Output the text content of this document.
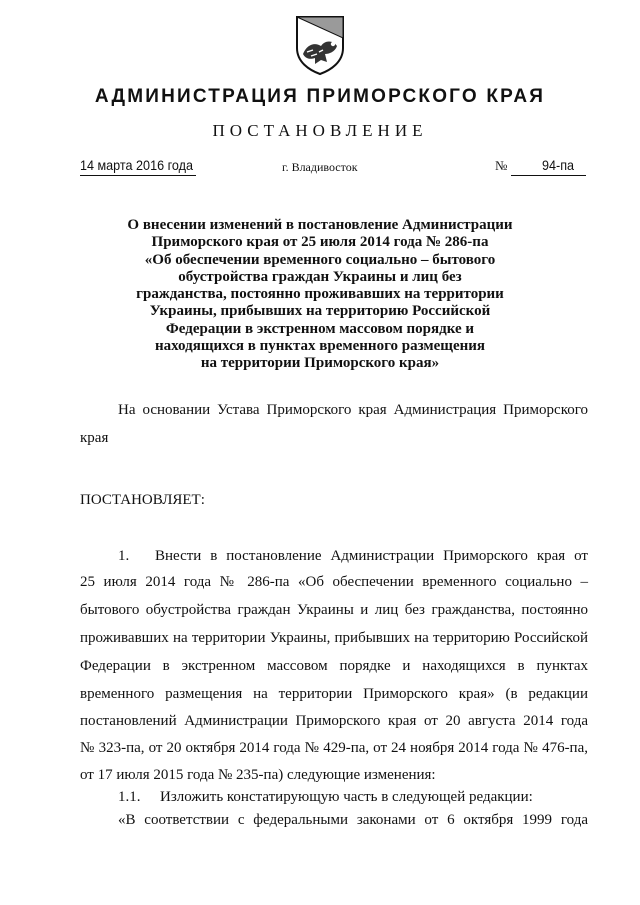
АДМИНИСТРАЦИЯ ПРИМОРСКОГО КРАЯ
ПОСТАНОВЛЕНИЕ
14 марта 2016 года	г. Владивосток	№ 94-па
О внесении изменений в постановление Администрации
Приморского края от 25 июля 2014 года № 286-па
«Об обеспечении временного социально – бытового
обустройства граждан Украины и лиц без
гражданства, постоянно проживавших на территории
Украины, прибывших на территорию Российской
Федерации в экстренном массовом порядке и
находящихся в пунктах временного размещения
на территории Приморского края»
На основании Устава Приморского края Администрация Приморского
края
ПОСТАНОВЛЯЕТ:
1. Внести в постановление Администрации Приморского края от
25 июля 2014 года № 286-па «Об обеспечении временного социально –
бытового обустройства граждан Украины и лиц без гражданства, постоянно
проживавших на территории Украины, прибывших на территорию Российской
Федерации в экстренном массовом порядке и находящихся в пунктах
временного размещения на территории Приморского края» (в редакции
постановлений Администрации Приморского края от 20 августа 2014 года
№ 323-па, от 20 октября 2014 года № 429-па, от 24 ноября 2014 года № 476-па,
от 17 июля 2015 года № 235-па) следующие изменения:
1.1. Изложить констатирующую часть в следующей редакции:
«В соответствии с федеральными законами от 6 октября 1999 года
